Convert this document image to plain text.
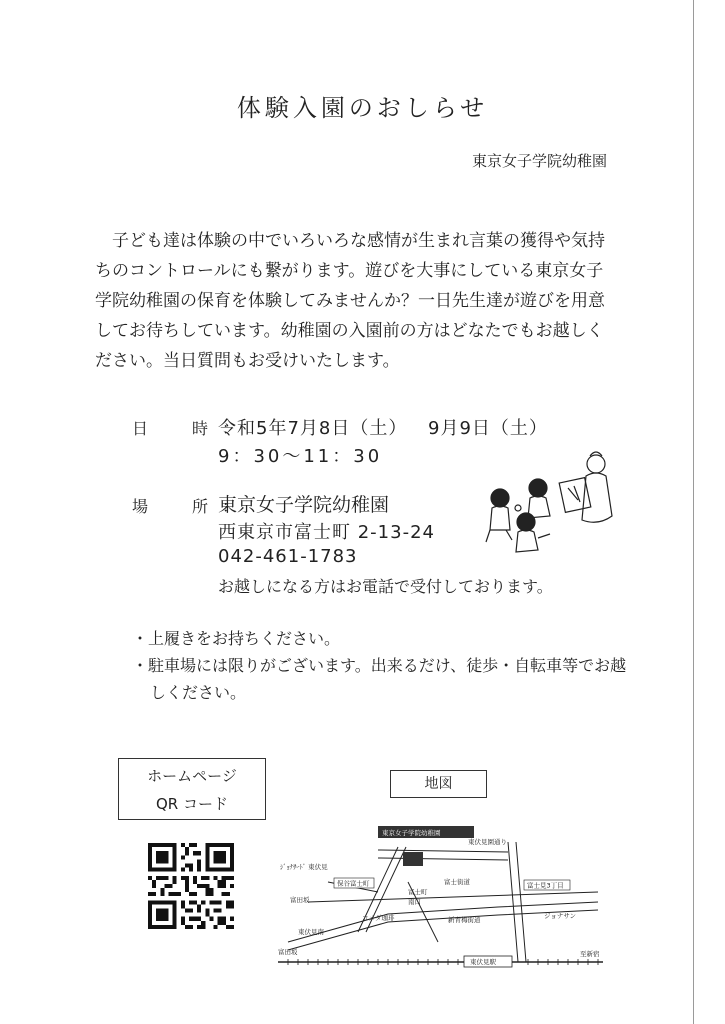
体験入園のおしらせ
東京女子学院幼稚園
子ども達は体験の中でいろいろな感情が生まれ言葉の獲得や気持ちのコントロールにも繋がります。遊びを大事にしている東京女子学院幼稚園の保育を体験してみませんか？一日先生達が遊びを用意してお待ちしています。幼稚園の入園前の方はどなたでもお越しください。当日質問もお受けいたします。
日　時：
令和5年7月8日（土） 9月9日（土）
9：30～11：30
場　所：
東京女子学院幼稚園
西東京市富士町 2-13-24
042-461-1783
お越しになる方はお電話で受付しております。
・上履きをお持ちください。
・駐車場には限りがございます。出来るだけ、徒歩・自転車等でお越しください。
ホームページ
QR コード
地図
東京女子学院幼稚園
東伏見駅
ｼﾞｮﾅｻｰﾄﾞ 東伏見
東伏見園通り
保谷富士町	富士街道	富士見3丁目
富田坂
東伏見南
コメダ珈琲	ジョナサン
新青梅街道
富田坂	至新宿
富士町
南口
